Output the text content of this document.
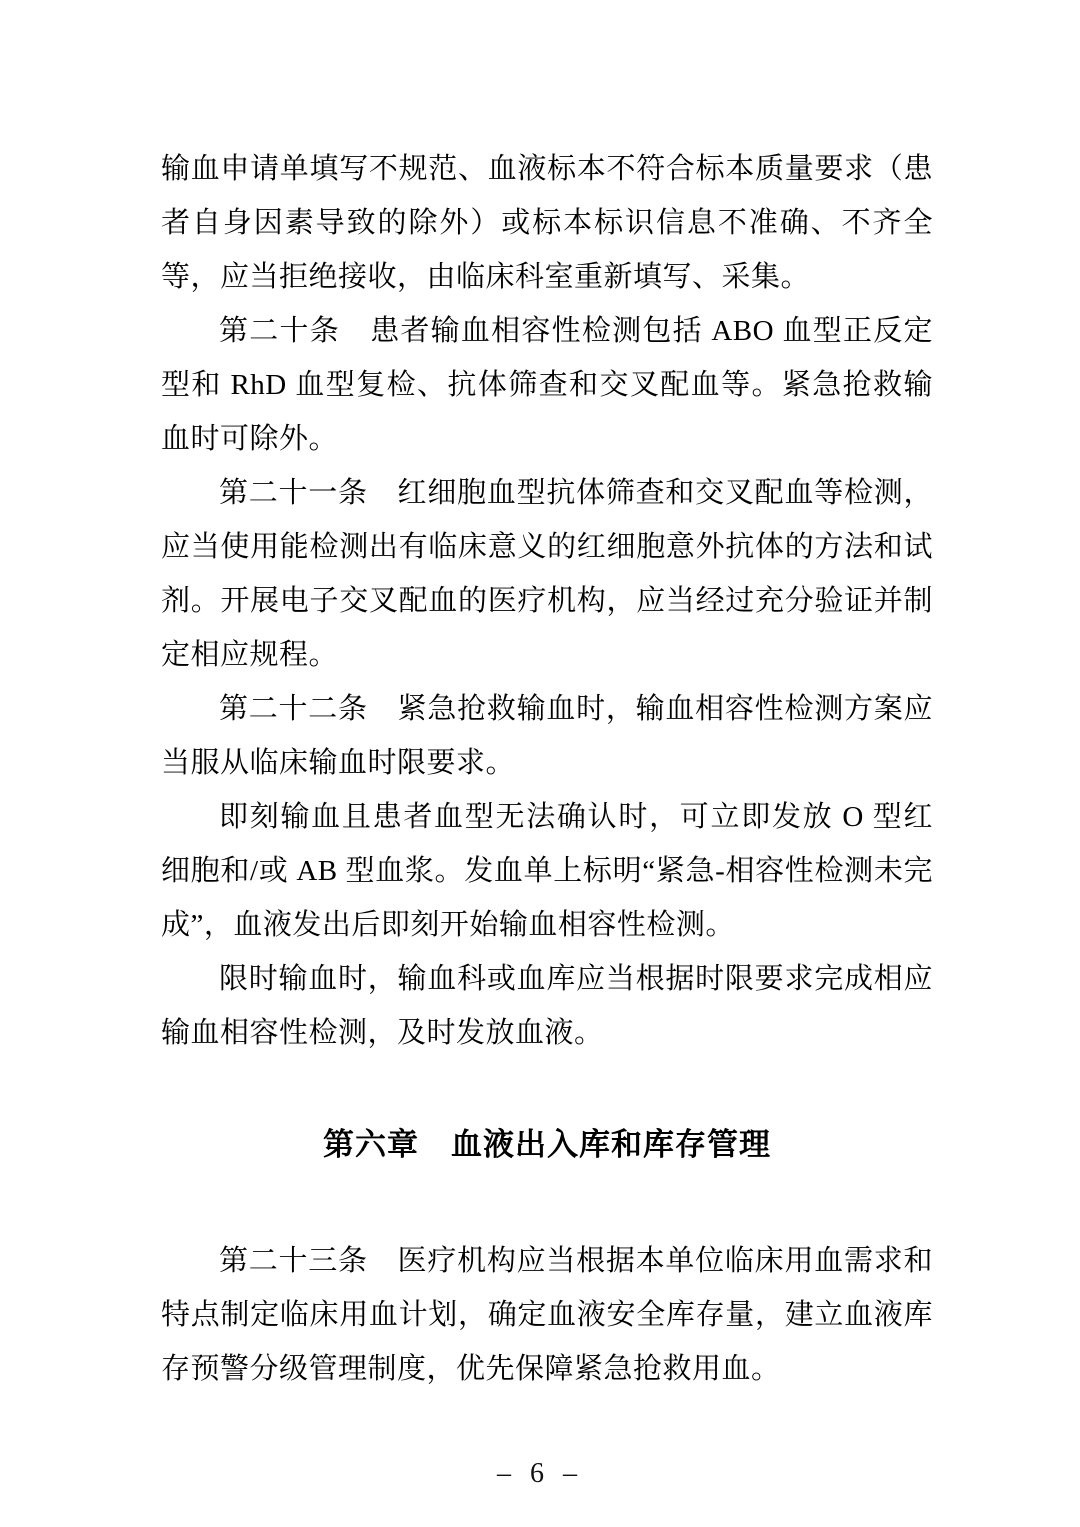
输血申请单填写不规范、血液标本不符合标本质量要求（患者自身因素导致的除外）或标本标识信息不准确、不齐全等，应当拒绝接收，由临床科室重新填写、采集。

第二十条　患者输血相容性检测包括 ABO 血型正反定型和 RhD 血型复检、抗体筛查和交叉配血等。紧急抢救输血时可除外。

第二十一条　红细胞血型抗体筛查和交叉配血等检测，应当使用能检测出有临床意义的红细胞意外抗体的方法和试剂。开展电子交叉配血的医疗机构，应当经过充分验证并制定相应规程。

第二十二条　紧急抢救输血时，输血相容性检测方案应当服从临床输血时限要求。

即刻输血且患者血型无法确认时，可立即发放 O 型红细胞和/或 AB 型血浆。发血单上标明“紧急-相容性检测未完成”，血液发出后即刻开始输血相容性检测。

限时输血时，输血科或血库应当根据时限要求完成相应输血相容性检测，及时发放血液。

第六章　血液出入库和库存管理

第二十三条　医疗机构应当根据本单位临床用血需求和特点制定临床用血计划，确定血液安全库存量，建立血液库存预警分级管理制度，优先保障紧急抢救用血。

– 6 –
